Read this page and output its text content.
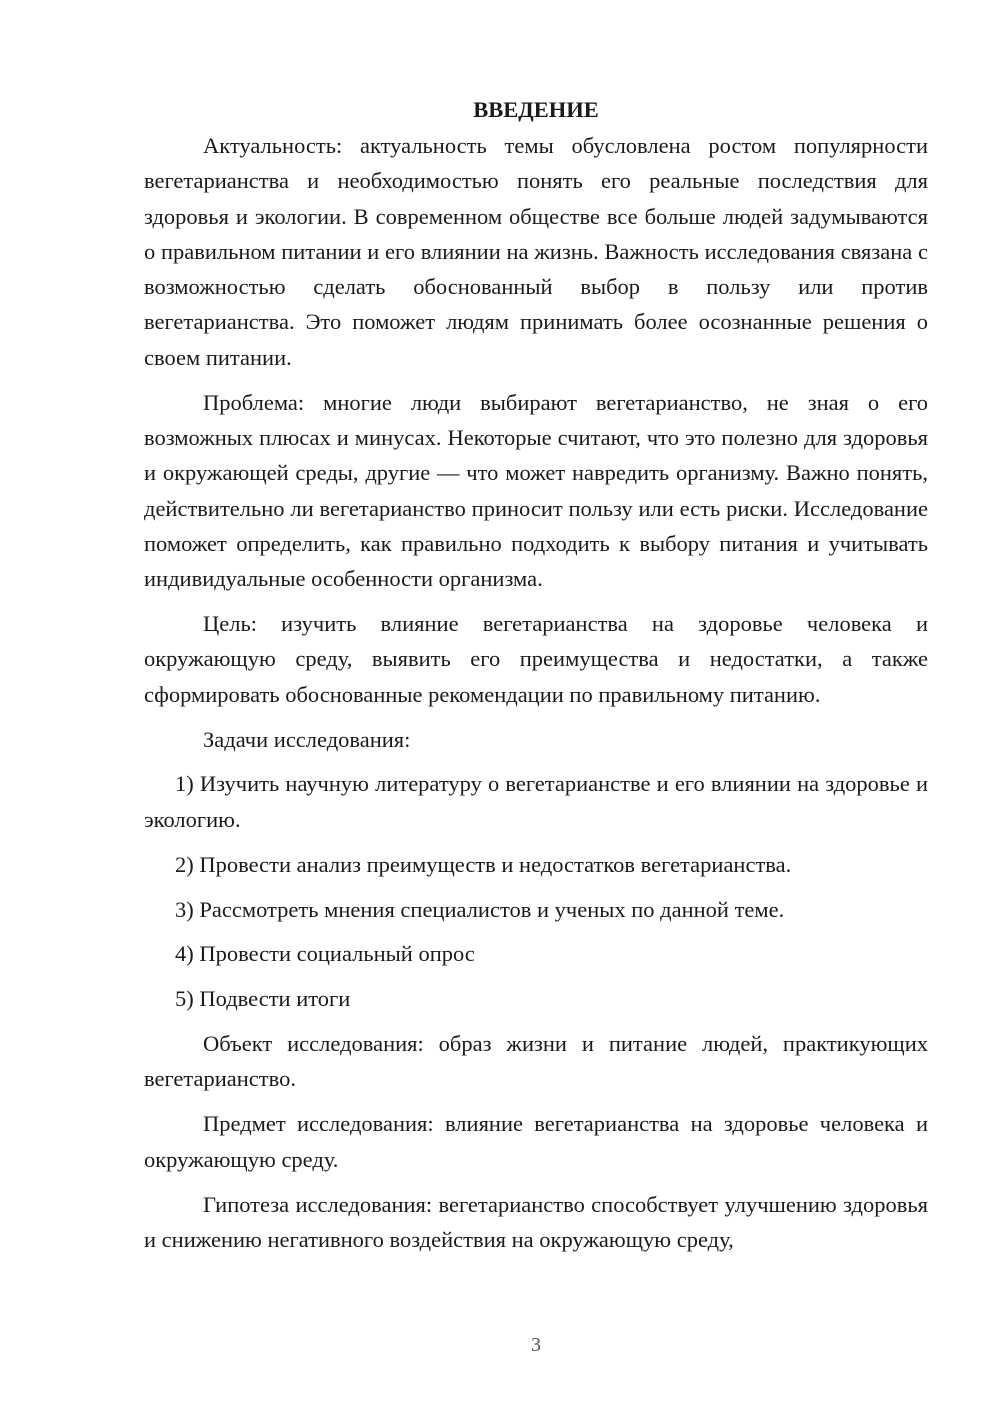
ВВЕДЕНИЕ

Актуальность: актуальность темы обусловлена ростом популярности вегетарианства и необходимостью понять его реальные последствия для здоровья и экологии. В современном обществе все больше людей задумываются о правильном питании и его влиянии на жизнь. Важность исследования связана с возможностью сделать обоснованный выбор в пользу или против вегетарианства. Это поможет людям принимать более осознанные решения о своем питании.

Проблема: многие люди выбирают вегетарианство, не зная о его возможных плюсах и минусах. Некоторые считают, что это полезно для здоровья и окружающей среды, другие — что может навредить организму. Важно понять, действительно ли вегетарианство приносит пользу или есть риски. Исследование поможет определить, как правильно подходить к выбору питания и учитывать индивидуальные особенности организма.

Цель: изучить влияние вегетарианства на здоровье человека и окружающую среду, выявить его преимущества и недостатки, а также сформировать обоснованные рекомендации по правильному питанию.

Задачи исследования:

1) Изучить научную литературу о вегетарианстве и его влиянии на здоровье и экологию.

2) Провести анализ преимуществ и недостатков вегетарианства.

3) Рассмотреть мнения специалистов и ученых по данной теме.

4) Провести социальный опрос

5) Подвести итоги

Объект исследования: образ жизни и питание людей, практикующих вегетарианство.

Предмет исследования: влияние вегетарианства на здоровье человека и окружающую среду.

Гипотеза исследования: вегетарианство способствует улучшению здоровья и снижению негативного воздействия на окружающую среду,

3
